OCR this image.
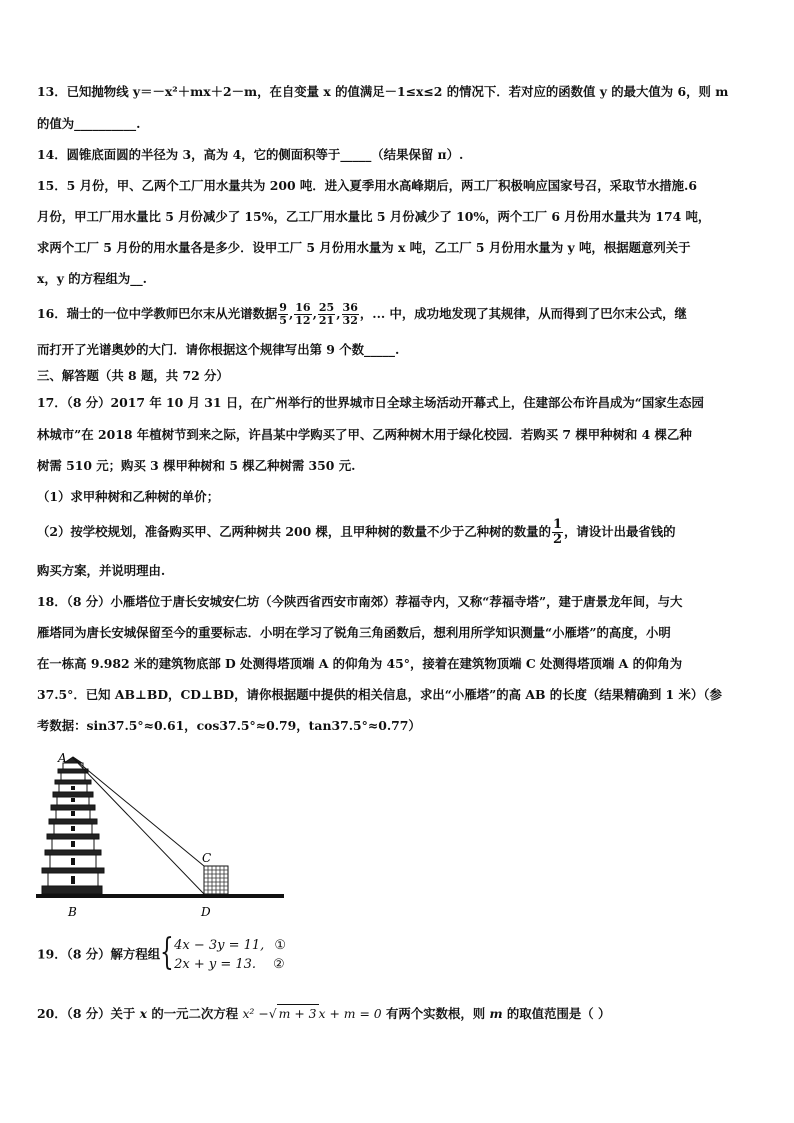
13．已知抛物线 y＝－x²＋mx＋2－m，在自变量 x 的值满足－1≤x≤2 的情况下．若对应的函数值 y 的最大值为 6，则 m
的值为__________.
14．圆锥底面圆的半径为 3，高为 4，它的侧面积等于_____（结果保留 π）.
15．5 月份，甲、乙两个工厂用水量共为 200 吨．进入夏季用水高峰期后，两工厂积极响应国家号召，采取节水措施.6
月份，甲工厂用水量比 5 月份减少了 15%，乙工厂用水量比 5 月份减少了 10%，两个工厂 6 月份用水量共为 174 吨，
求两个工厂 5 月份的用水量各是多少．设甲工厂 5 月份用水量为 x 吨，乙工厂 5 月份用水量为 y 吨，根据题意列关于
x，y 的方程组为__.
16．瑞士的一位中学教师巴尔末从光谱数据 $\frac{9}{5}$ , $\frac{16}{12}$ , $\frac{25}{21}$ , $\frac{36}{32}$ ，... 中，成功地发现了其规律，从而得到了巴尔末公式，继
而打开了光谱奥妙的大门．请你根据这个规律写出第 9 个数_____.
三、解答题（共 8 题，共 72 分）
17．（8 分）2017 年 10 月 31 日，在广州举行的世界城市日全球主场活动开幕式上，住建部公布许昌成为“国家生态园
林城市”在 2018 年植树节到来之际，许昌某中学购买了甲、乙两种树木用于绿化校园．若购买 7 棵甲种树和 4 棵乙种
树需 510 元；购买 3 棵甲种树和 5 棵乙种树需 350 元.
（1）求甲种树和乙种树的单价；
（2）按学校规划，准备购买甲、乙两种树共 200 棵，且甲种树的数量不少于乙种树的数量的 $\frac{1}{2}$ ，请设计出最省钱的
购买方案，并说明理由.
18．（8 分）小雁塔位于唐长安城安仁坊（今陕西省西安市南郊）荐福寺内，又称“荐福寺塔”，建于唐景龙年间，与大
雁塔同为唐长安城保留至今的重要标志．小明在学习了锐角三角函数后，想利用所学知识测量“小雁塔”的高度，小明
在一栋高 9.982 米的建筑物底部 D 处测得塔顶端 A 的仰角为 45°，接着在建筑物顶端 C 处测得塔顶端 A 的仰角为
37.5°．已知 AB⊥BD，CD⊥BD，请你根据题中提供的相关信息，求出“小雁塔”的高 AB 的长度（结果精确到 1 米）（参
考数据：sin37.5°≈0.61，cos37.5°≈0.79，tan37.5°≈0.77）
A
B
C
D
19．（8 分）解方程组 { 4x − 3y = 11, ①
2x + y = 13. ②
20．（8 分）关于 x 的一元二次方程 x² −√ m + 3 x + m = 0 有两个实数根，则 m 的取值范围是（ ）
